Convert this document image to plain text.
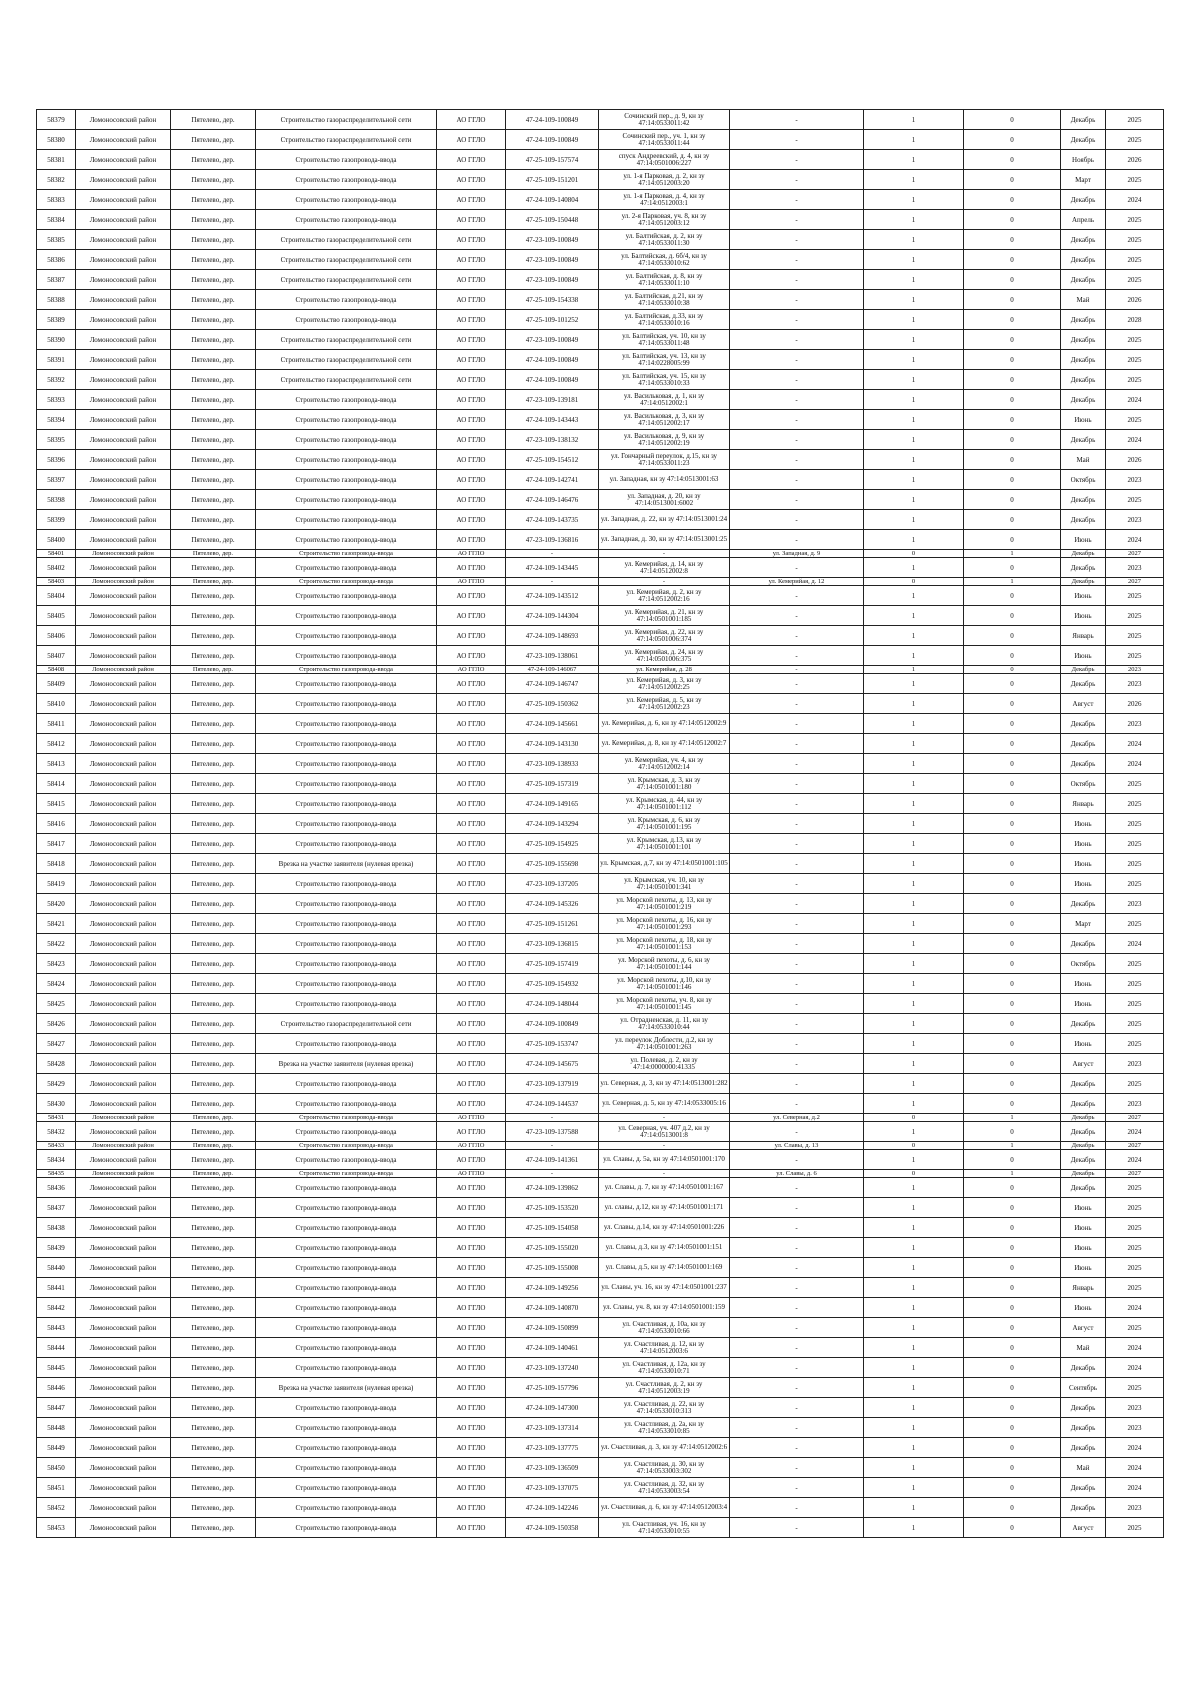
58379	Ломоносовский район	Пятелево, дер.	Строительство газораспределительной сети	АО ГГЛО	47-24-109-100849	Сочинский пер., д. 9, кн зу 47:14:0533011:42	-	1	0	Декабрь	2025
58380	Ломоносовский район	Пятелево, дер.	Строительство газораспределительной сети	АО ГГЛО	47-24-109-100849	Сочинский пер., уч. 1, кн зу 47:14:0533011:44	-	1	0	Декабрь	2025
58381	Ломоносовский район	Пятелево, дер.	Строительство газопровода-ввода	АО ГГЛО	47-25-109-157574	спуск Андреевский, д. 4, кн зу 47:14:0501006:227	-	1	0	Ноябрь	2026
58382	Ломоносовский район	Пятелево, дер.	Строительство газопровода-ввода	АО ГГЛО	47-25-109-151201	ул. 1-я Парковая, д. 2, кн зу 47:14:0512003:20	-	1	0	Март	2025
58383	Ломоносовский район	Пятелево, дер.	Строительство газопровода-ввода	АО ГГЛО	47-24-109-140804	ул. 1-я Парковая, д. 4, кн зу 47:14:0512003:1	-	1	0	Декабрь	2024
58384	Ломоносовский район	Пятелево, дер.	Строительство газопровода-ввода	АО ГГЛО	47-25-109-150448	ул. 2-я Парковая, уч. 8, кн зу 47:14:0512003:12	-	1	0	Апрель	2025
58385	Ломоносовский район	Пятелево, дер.	Строительство газораспределительной сети	АО ГГЛО	47-23-109-100849	ул. Балтийская, д. 2, кн зу 47:14:0533011:30	-	1	0	Декабрь	2025
58386	Ломоносовский район	Пятелево, дер.	Строительство газораспределительной сети	АО ГГЛО	47-23-109-100849	ул. Балтийская, д. 6б/4, кн зу 47:14:0533010:62	-	1	0	Декабрь	2025
58387	Ломоносовский район	Пятелево, дер.	Строительство газораспределительной сети	АО ГГЛО	47-23-109-100849	ул. Балтийская, д. 8, кн зу 47:14:0533011:10	-	1	0	Декабрь	2025
58388	Ломоносовский район	Пятелево, дер.	Строительство газопровода-ввода	АО ГГЛО	47-25-109-154338	ул. Балтийская, д.21, кн зу 47:14:0533010:38	-	1	0	Май	2026
58389	Ломоносовский район	Пятелево, дер.	Строительство газопровода-ввода	АО ГГЛО	47-25-109-101252	ул. Балтийская, д.33, кн зу 47:14:0533010:16	-	1	0	Декабрь	2028
58390	Ломоносовский район	Пятелево, дер.	Строительство газораспределительной сети	АО ГГЛО	47-23-109-100849	ул. Балтийская, уч. 10, кн зу 47:14:0533011:48	-	1	0	Декабрь	2025
58391	Ломоносовский район	Пятелево, дер.	Строительство газораспределительной сети	АО ГГЛО	47-24-109-100849	ул. Балтийская, уч. 13, кн зу 47:14:0228005:99	-	1	0	Декабрь	2025
58392	Ломоносовский район	Пятелево, дер.	Строительство газораспределительной сети	АО ГГЛО	47-24-109-100849	ул. Балтийская, уч. 15, кн зу 47:14:0533010:33	-	1	0	Декабрь	2025
58393	Ломоносовский район	Пятелево, дер.	Строительство газопровода-ввода	АО ГГЛО	47-23-109-139181	ул. Васильковая, д. 1, кн зу 47:14:0512002:1	-	1	0	Декабрь	2024
58394	Ломоносовский район	Пятелево, дер.	Строительство газопровода-ввода	АО ГГЛО	47-24-109-143443	ул. Васильковая, д. 3, кн зу 47:14:0512002:17	-	1	0	Июнь	2025
58395	Ломоносовский район	Пятелево, дер.	Строительство газопровода-ввода	АО ГГЛО	47-23-109-138132	ул. Васильковая, д. 9, кн зу 47:14:0512002:19	-	1	0	Декабрь	2024
58396	Ломоносовский район	Пятелево, дер.	Строительство газопровода-ввода	АО ГГЛО	47-25-109-154512	ул. Гончарный переулок, д.15, кн зу 47:14:0533011:23	-	1	0	Май	2026
58397	Ломоносовский район	Пятелево, дер.	Строительство газопровода-ввода	АО ГГЛО	47-24-109-142741	ул. Западная, кн зу 47:14:0513001:63	-	1	0	Октябрь	2023
58398	Ломоносовский район	Пятелево, дер.	Строительство газопровода-ввода	АО ГГЛО	47-24-109-146476	ул. Западная, д. 20, кн зу 47:14:0513001:6002	-	1	0	Декабрь	2025
58399	Ломоносовский район	Пятелево, дер.	Строительство газопровода-ввода	АО ГГЛО	47-24-109-143735	ул. Западная, д. 22, кн зу 47:14:0513001:24	-	1	0	Декабрь	2023
58400	Ломоносовский район	Пятелево, дер.	Строительство газопровода-ввода	АО ГГЛО	47-23-109-136816	ул. Западная, д. 30, кн зу 47:14:0513001:25	-	1	0	Июнь	2024
58401	Ломоносовский район	Пятелево, дер.	Строительство газопровода-ввода	АО ГГЛО	-	-	ул. Западная, д. 9	0	1	Декабрь	2027
58402	Ломоносовский район	Пятелево, дер.	Строительство газопровода-ввода	АО ГГЛО	47-24-109-143445	ул. Кемерийая, д. 14, кн зу 47:14:0512002:8	-	1	0	Декабрь	2023
58403	Ломоносовский район	Пятелево, дер.	Строительство газопровода-ввода	АО ГГЛО	-	-	ул. Кемерийая, д. 12	0	1	Декабрь	2027
58404	Ломоносовский район	Пятелево, дер.	Строительство газопровода-ввода	АО ГГЛО	47-24-109-143512	ул. Кемерийая, д. 2, кн зу 47:14:0512002:16	-	1	0	Июнь	2025
58405	Ломоносовский район	Пятелево, дер.	Строительство газопровода-ввода	АО ГГЛО	47-24-109-144304	ул. Кемерийая, д. 21, кн зу 47:14:0501001:185	-	1	0	Июнь	2025
58406	Ломоносовский район	Пятелево, дер.	Строительство газопровода-ввода	АО ГГЛО	47-24-109-148693	ул. Кемерийая, д. 22, кн зу 47:14:0501006:374	-	1	0	Январь	2025
58407	Ломоносовский район	Пятелево, дер.	Строительство газопровода-ввода	АО ГГЛО	47-23-109-138061	ул. Кемерийая, д. 24, кн зу 47:14:0501006:375	-	1	0	Июнь	2025
58408	Ломоносовский район	Пятелево, дер.	Строительство газопровода-ввода	АО ГГЛО	47-24-109-146067	ул. Кемерийая, д. 28	-	1	0	Декабрь	2023
58409	Ломоносовский район	Пятелево, дер.	Строительство газопровода-ввода	АО ГГЛО	47-24-109-146747	ул. Кемерийая, д. 3, кн зу 47:14:0512002:25	-	1	0	Декабрь	2023
58410	Ломоносовский район	Пятелево, дер.	Строительство газопровода-ввода	АО ГГЛО	47-25-109-150362	ул. Кемерийая, д. 5, кн зу 47:14:0512002:23	-	1	0	Август	2026
58411	Ломоносовский район	Пятелево, дер.	Строительство газопровода-ввода	АО ГГЛО	47-24-109-145661	ул. Кемерийая, д. 6, кн зу 47:14:0512002:9	-	1	0	Декабрь	2023
58412	Ломоносовский район	Пятелево, дер.	Строительство газопровода-ввода	АО ГГЛО	47-24-109-143130	ул. Кемерийая, д. 8, кн зу 47:14:0512002:7	-	1	0	Декабрь	2024
58413	Ломоносовский район	Пятелево, дер.	Строительство газопровода-ввода	АО ГГЛО	47-23-109-138933	ул. Кемерийая, уч. 4, кн зу 47:14:0512002:14	-	1	0	Декабрь	2024
58414	Ломоносовский район	Пятелево, дер.	Строительство газопровода-ввода	АО ГГЛО	47-25-109-157319	ул. Крымская, д. 3, кн зу 47:14:0501001:180	-	1	0	Октябрь	2025
58415	Ломоносовский район	Пятелево, дер.	Строительство газопровода-ввода	АО ГГЛО	47-24-109-149165	ул. Крымская, д. 44, кн зу 47:14:0501001:112	-	1	0	Январь	2025
58416	Ломоносовский район	Пятелево, дер.	Строительство газопровода-ввода	АО ГГЛО	47-24-109-143294	ул. Крымская, д. 6, кн зу 47:14:0501001:195	-	1	0	Июнь	2025
58417	Ломоносовский район	Пятелево, дер.	Строительство газопровода-ввода	АО ГГЛО	47-25-109-154925	ул. Крымская, д.13, кн зу 47:14:0501001:101	-	1	0	Июнь	2025
58418	Ломоносовский район	Пятелево, дер.	Врезка на участке заявителя (нулевая врезка)	АО ГГЛО	47-25-109-155698	ул. Крымская, д.7, кн зу 47:14:0501001:105	-	1	0	Июнь	2025
58419	Ломоносовский район	Пятелево, дер.	Строительство газопровода-ввода	АО ГГЛО	47-23-109-137205	ул. Крымская, уч. 10, кн зу 47:14:0501001:341	-	1	0	Июнь	2025
58420	Ломоносовский район	Пятелево, дер.	Строительство газопровода-ввода	АО ГГЛО	47-24-109-145326	ул. Морской пехоты, д. 13, кн зу 47:14:0501001:219	-	1	0	Декабрь	2023
58421	Ломоносовский район	Пятелево, дер.	Строительство газопровода-ввода	АО ГГЛО	47-25-109-151261	ул. Морской пехоты, д. 16, кн зу 47:14:0501001:293	-	1	0	Март	2025
58422	Ломоносовский район	Пятелево, дер.	Строительство газопровода-ввода	АО ГГЛО	47-23-109-136815	ул. Морской пехоты, д. 18, кн зу 47:14:0501001:153	-	1	0	Декабрь	2024
58423	Ломоносовский район	Пятелево, дер.	Строительство газопровода-ввода	АО ГГЛО	47-25-109-157419	ул. Морской пехоты, д. 6, кн зу 47:14:0501001:144	-	1	0	Октябрь	2025
58424	Ломоносовский район	Пятелево, дер.	Строительство газопровода-ввода	АО ГГЛО	47-25-109-154932	ул. Морской пехоты, д.10, кн зу 47:14:0501001:146	-	1	0	Июнь	2025
58425	Ломоносовский район	Пятелево, дер.	Строительство газопровода-ввода	АО ГГЛО	47-24-109-148044	ул. Морской пехоты, уч. 8, кн зу 47:14:0501001:145	-	1	0	Июнь	2025
58426	Ломоносовский район	Пятелево, дер.	Строительство газораспределительной сети	АО ГГЛО	47-24-109-100849	ул. Отрадненская, д. 11, кн зу 47:14:0533010:44	-	1	0	Декабрь	2025
58427	Ломоносовский район	Пятелево, дер.	Строительство газопровода-ввода	АО ГГЛО	47-25-109-153747	ул. переулок Доблести, д.2, кн зу 47:14:0501001:263	-	1	0	Июнь	2025
58428	Ломоносовский район	Пятелево, дер.	Врезка на участке заявителя (нулевая врезка)	АО ГГЛО	47-24-109-145675	ул. Полевая, д. 2, кн зу 47:14:0000000:41335	-	1	0	Август	2023
58429	Ломоносовский район	Пятелево, дер.	Строительство газопровода-ввода	АО ГГЛО	47-23-109-137919	ул. Северная, д. 3, кн зу 47:14:0513001:282	-	1	0	Декабрь	2025
58430	Ломоносовский район	Пятелево, дер.	Строительство газопровода-ввода	АО ГГЛО	47-24-109-144537	ул. Северная, д. 5, кн зу 47:14:0533005:16	-	1	0	Декабрь	2023
58431	Ломоносовский район	Пятелево, дер.	Строительство газопровода-ввода	АО ГГЛО	-	-	ул. Северная, д.2	0	1	Декабрь	2027
58432	Ломоносовский район	Пятелево, дер.	Строительство газопровода-ввода	АО ГГЛО	47-23-109-137588	ул. Северная, уч. 407 д.2, кн зу 47:14:0513001:8	-	1	0	Декабрь	2024
58433	Ломоносовский район	Пятелево, дер.	Строительство газопровода-ввода	АО ГГЛО	-	-	ул. Славы, д. 13	0	1	Декабрь	2027
58434	Ломоносовский район	Пятелево, дер.	Строительство газопровода-ввода	АО ГГЛО	47-24-109-141361	ул. Славы, д. 5а, кн зу 47:14:0501001:170	-	1	0	Декабрь	2024
58435	Ломоносовский район	Пятелево, дер.	Строительство газопровода-ввода	АО ГГЛО	-	-	ул. Славы, д. 6	0	1	Декабрь	2027
58436	Ломоносовский район	Пятелево, дер.	Строительство газопровода-ввода	АО ГГЛО	47-24-109-139862	ул. Славы, д. 7, кн зу 47:14:0501001:167	-	1	0	Декабрь	2025
58437	Ломоносовский район	Пятелево, дер.	Строительство газопровода-ввода	АО ГГЛО	47-25-109-153520	ул. славы, д.12, кн зу 47:14:0501001:171	-	1	0	Июнь	2025
58438	Ломоносовский район	Пятелево, дер.	Строительство газопровода-ввода	АО ГГЛО	47-25-109-154058	ул. Славы, д.14, кн зу 47:14:0501001:226	-	1	0	Июнь	2025
58439	Ломоносовский район	Пятелево, дер.	Строительство газопровода-ввода	АО ГГЛО	47-25-109-155020	ул. Славы, д.3, кн зу 47:14:0501001:151	-	1	0	Июнь	2025
58440	Ломоносовский район	Пятелево, дер.	Строительство газопровода-ввода	АО ГГЛО	47-25-109-155008	ул. Славы, д.5, кн зу 47:14:0501001:169	-	1	0	Июнь	2025
58441	Ломоносовский район	Пятелево, дер.	Строительство газопровода-ввода	АО ГГЛО	47-24-109-149256	ул. Славы, уч. 16, кн зу 47:14:0501001:237	-	1	0	Январь	2025
58442	Ломоносовский район	Пятелево, дер.	Строительство газопровода-ввода	АО ГГЛО	47-24-109-140870	ул. Славы, уч. 8, кн зу 47:14:0501001:159	-	1	0	Июнь	2024
58443	Ломоносовский район	Пятелево, дер.	Строительство газопровода-ввода	АО ГГЛО	47-24-109-150899	ул. Счастливая, д. 10а, кн зу 47:14:0533010:66	-	1	0	Август	2025
58444	Ломоносовский район	Пятелево, дер.	Строительство газопровода-ввода	АО ГГЛО	47-24-109-140461	ул. Счастливая, д. 12, кн зу 47:14:0512003:6	-	1	0	Май	2024
58445	Ломоносовский район	Пятелево, дер.	Строительство газопровода-ввода	АО ГГЛО	47-23-109-137240	ул. Счастливая, д. 12а, кн зу 47:14:0533010:71	-	1	0	Декабрь	2024
58446	Ломоносовский район	Пятелево, дер.	Врезка на участке заявителя (нулевая врезка)	АО ГГЛО	47-25-109-157796	ул. Счастливая, д. 2, кн зу 47:14:0512003:19	-	1	0	Сентябрь	2025
58447	Ломоносовский район	Пятелево, дер.	Строительство газопровода-ввода	АО ГГЛО	47-24-109-147300	ул. Счастливая, д. 22, кн зу 47:14:0533010:313	-	1	0	Декабрь	2023
58448	Ломоносовский район	Пятелево, дер.	Строительство газопровода-ввода	АО ГГЛО	47-23-109-137314	ул. Счастливая, д. 2а, кн зу 47:14:0533010:85	-	1	0	Декабрь	2023
58449	Ломоносовский район	Пятелево, дер.	Строительство газопровода-ввода	АО ГГЛО	47-23-109-137775	ул. Счастливая, д. 3, кн зу 47:14:0512002:6	-	1	0	Декабрь	2024
58450	Ломоносовский район	Пятелево, дер.	Строительство газопровода-ввода	АО ГГЛО	47-23-109-136509	ул. Счастливая, д. 30, кн зу 47:14:0533003:302	-	1	0	Май	2024
58451	Ломоносовский район	Пятелево, дер.	Строительство газопровода-ввода	АО ГГЛО	47-23-109-137075	ул. Счастливая, д. 32, кн зу 47:14:0533003:54	-	1	0	Декабрь	2024
58452	Ломоносовский район	Пятелево, дер.	Строительство газопровода-ввода	АО ГГЛО	47-24-109-142246	ул. Счастливая, д. 6, кн зу 47:14:0512003:4	-	1	0	Декабрь	2023
58453	Ломоносовский район	Пятелево, дер.	Строительство газопровода-ввода	АО ГГЛО	47-24-109-150358	ул. Счастливая, уч. 16, кн зу 47:14:0533010:55	-	1	0	Август	2025
